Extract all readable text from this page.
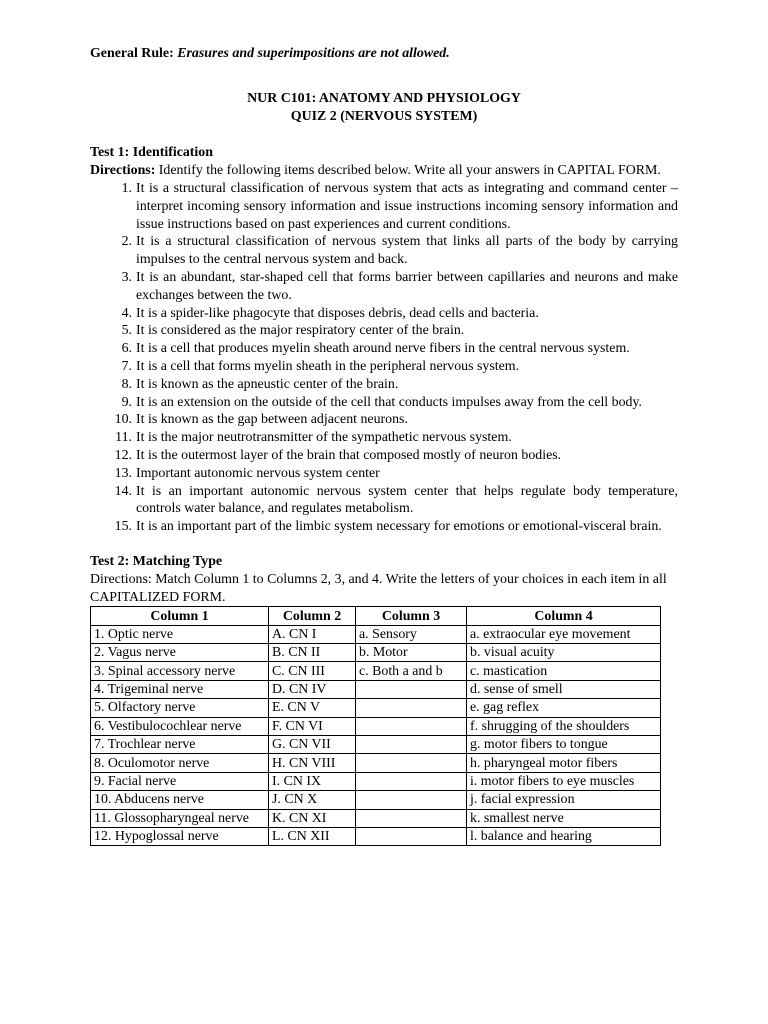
General Rule: Erasures and superimpositions are not allowed.

NUR C101: ANATOMY AND PHYSIOLOGY
QUIZ 2 (NERVOUS SYSTEM)

Test 1: Identification

Directions: Identify the following items described below. Write all your answers in CAPITAL FORM.

1. It is a structural classification of nervous system that acts as integrating and command center – interpret incoming sensory information and issue instructions incoming sensory information and issue instructions based on past experiences and current conditions.
2. It is a structural classification of nervous system that links all parts of the body by carrying impulses to the central nervous system and back.
3. It is an abundant, star-shaped cell that forms barrier between capillaries and neurons and make exchanges between the two.
4. It is a spider-like phagocyte that disposes debris, dead cells and bacteria.
5. It is considered as the major respiratory center of the brain.
6. It is a cell that produces myelin sheath around nerve fibers in the central nervous system.
7. It is a cell that forms myelin sheath in the peripheral nervous system.
8. It is known as the apneustic center of the brain.
9. It is an extension on the outside of the cell that conducts impulses away from the cell body.
10. It is known as the gap between adjacent neurons.
11. It is the major neutrotransmitter of the sympathetic nervous system.
12. It is the outermost layer of the brain that composed mostly of neuron bodies.
13. Important autonomic nervous system center
14. It is an important autonomic nervous system center that helps regulate body temperature, controls water balance, and regulates metabolism.
15. It is an important part of the limbic system necessary for emotions or emotional-visceral brain.

Test 2: Matching Type

Directions: Match Column 1 to Columns 2, 3, and 4. Write the letters of your choices in each item in all CAPITALIZED FORM.

Column 1	Column 2	Column 3	Column 4
1. Optic nerve	A. CN I	a. Sensory	a. extraocular eye movement
2. Vagus nerve	B. CN II	b. Motor	b. visual acuity
3. Spinal accessory nerve	C. CN III	c. Both a and b	c. mastication
4. Trigeminal nerve	D. CN IV		d. sense of smell
5. Olfactory nerve	E. CN V		e. gag reflex
6. Vestibulocochlear nerve	F. CN VI		f. shrugging of the shoulders
7. Trochlear nerve	G. CN VII		g. motor fibers to tongue
8. Oculomotor nerve	H. CN VIII		h. pharyngeal motor fibers
9. Facial nerve	I. CN IX		i. motor fibers to eye muscles
10. Abducens nerve	J. CN X		j. facial expression
11. Glossopharyngeal nerve	K. CN XI		k. smallest nerve
12. Hypoglossal nerve	L. CN XII		l. balance and hearing
